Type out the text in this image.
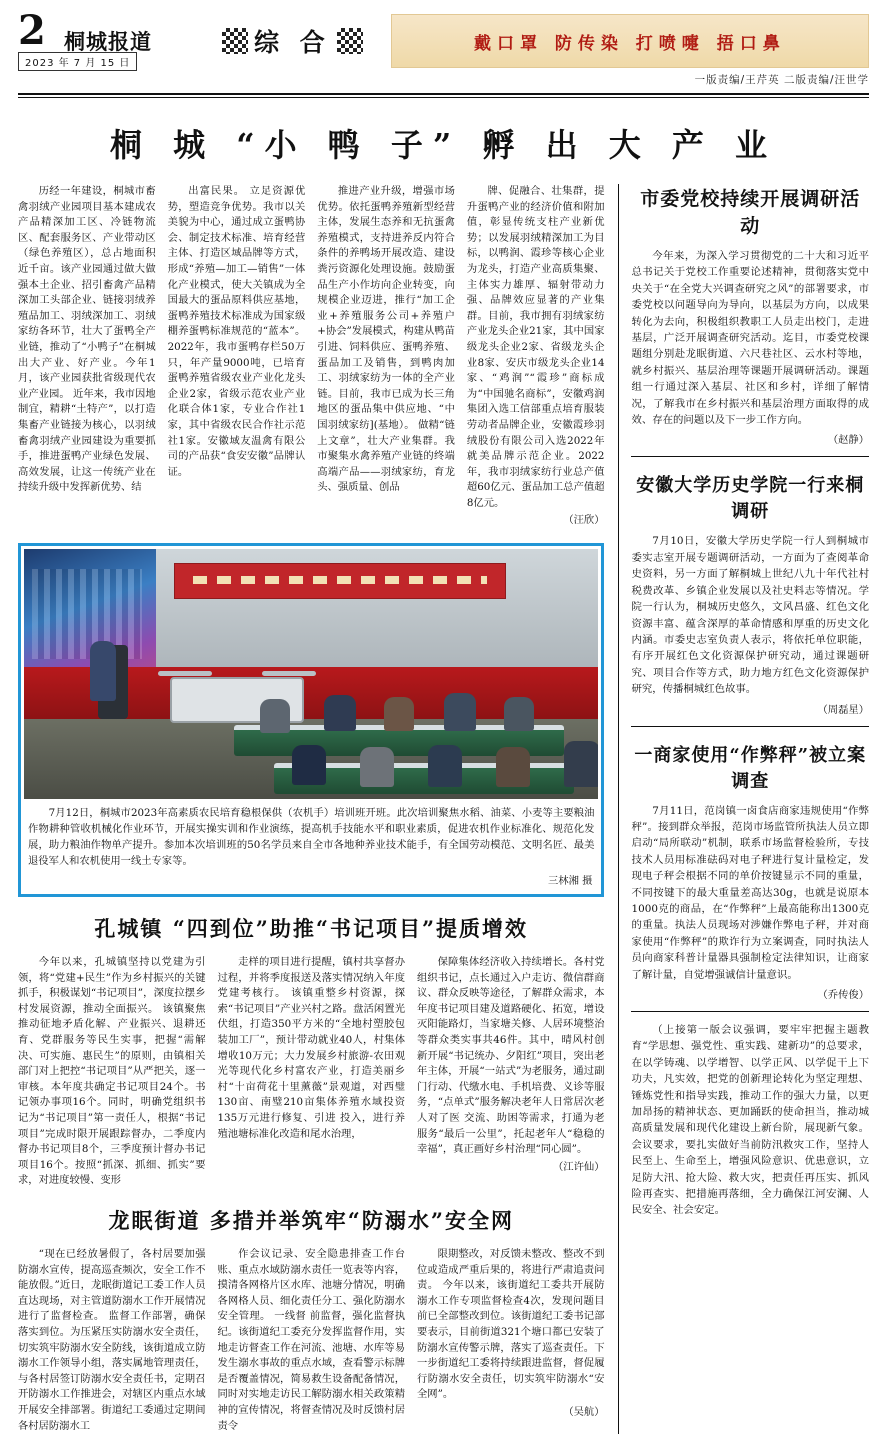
2
2023 年 7 月 15 日
桐城报道	综 合	戴口罩 防传染 打喷嚏 捂口鼻
一版责编/王芹英 二版责编/汪世学
桐 城 “小 鸭 子” 孵 出 大 产 业

历经一年建设，桐城市畜禽羽绒产业园项目基本建成农产品精深加工区、冷链物流区、配套服务区、产业带动区（绿色养殖区），总占地面积近千亩。该产业园通过做大做强本土企业、招引畜禽产品精深加工头部企业、链接羽绒养殖品加工、羽绒深加工、羽绒家纺各环节，壮大了蛋鸭全产业链，推动了“小鸭子”在桐城出大产业、好产业。今年1月，该产业园获批省级现代农业产业园。 近年来，我市因地制宜，精耕“土特产”，以打造集畜产业链接为核心，以羽绒畜禽羽绒产业园建设为重要抓手，推进蛋鸭产业绿色发展、高效发展，让这一传统产业在持续升级中发挥新优势、结

出富民果。 立足资源优势，塑造竞争优势。我市以关美貌为中心，通过成立蛋鸭协会、制定技术标准、培育经营主体、打造区域品牌等方式，形成“养殖—加工—销售”一体化产业模式，使大关镇成为全国最大的蛋品原料供应基地，蛋鸭养殖技术标准成为国家级棚养蛋鸭标准规范的“蓝本”。2022年，我市蛋鸭存栏50万只，年产量9000吨，已培育蛋鸭养殖省级农业产业化龙头企业2家，省级示范农业产业化联合体1家，专业合作社1家，其中省级农民合作社示范社1家。安徽域友温禽有限公司的产品获“食安安徽”品牌认证。

推进产业升级，增强市场优势。依托蛋鸭养殖新型经营主体，发展生态养和无抗蛋禽养殖模式，支持进养反内符合条件的养鸭场开展改造、建设粪污资源化处理设施。鼓励蛋品生产小作坊向企业转变，向规模企业迈进，推行“加工企业+养殖服务公司+养殖户+协会”发展模式，构建从鸭苗引进、饲料供应、蛋鸭养殖、蛋品加工及销售，到鸭肉加工、羽绒家纺为一体的全产业链。目前，我市已成为长三角地区的蛋品集中供应地、“中国羽绒家纺](基地）。 做精“链上文章”，壮大产业集群。我市聚集水禽养殖产业链的终端高端产品——羽绒家纺，育龙头、强质量、创品

牌、促融合、壮集群，提升蛋鸭产业的经济价值和附加值，彰显传统支柱产业新优势；以发展羽绒精深加工为目标，以鸭润、霞珍等核心企业为龙头，打造产业高质集聚、主体实力雄厚、辐射带动力强、品牌效应显著的产业集群。目前，我市拥有羽绒家纺产业龙头企业21家，其中国家级龙头企业2家、省级龙头企业8家、安庆市级龙头企业14家、“鸡润”“霞珍”商标成为“中国驰名商标”，安徽鸡润集团入选工信部重点培育服装劳动者品牌企业，安徽霞珍羽绒股份有限公司入选2022年就美品牌示范企业。2022年，我市羽绒家纺行业总产值超60亿元、蛋品加工总产值超8亿元。

（汪欣）
7月12日，桐城市2023年高素质农民培育稳根保供（农机手）培训班开班。此次培训聚焦水稻、油菜、小麦等主要粮油作物耕种管收机械化作业环节，开展实操实训和作业演练，提高机手技能水平和职业素质，促进农机作业标准化、规范化发展，助力粮油作物单产提升。参加本次培训班的50名学员来自全市各地种养业技术能手，有全国劳动模范、文明名匠、最美退役军人和农机使用一线土专家等。
三林湘 摄
孔城镇 “四到位”助推“书记项目”提质增效

今年以来，孔城镇坚持以党建为引领，将“党建+民生”作为乡村振兴的关键抓手，积极谋划“书记项目”，深度拉摆乡村发展资源，推动全面振兴。 该镇聚焦推动征地矛盾化解、产业振兴、退耕还育、党群服务等民生实事，把握“需解决、可实施、惠民生”的原则，由镇相关部门对上把控“书记项目”从严把关，逐一审核。本年度共确定书记项目24个。书记领办事项16个。同时，明确党组织书记为“书记项目”第一责任人，根据“书记项目”完成时限开展跟踪督办，二季度内督办书记项目8个，三季度预计督办书记项目16个。按照“抓深、抓细、抓实”要求，对进度较慢、变形

走样的项目进行提醒，镇村共享督办过程，并将季度报送及落实情况纳入年度党建考核行。 该镇重整乡村资源，探索“书记项目”产业兴村之路。盘活闲置光伏组，打造350平方米的“全地村塑胶包装加工厂”，预计带动就业40人，村集体增收10万元；大力发展乡村旅游-农田观光等现代化乡村富农产业，打造美丽乡村“十亩荷花十里薰薇”景观道，对西璧130亩、南璧210亩集体养殖水域投资135万元进行修复、引进 投入，进行养殖池塘标准化改造和尾水治理，

保障集体经济收入持续增长。各村党组织书记，点长通过入户走访、微信群商议、群众反映等途径，了解群众需求，本年度书记项目建及道路硬化、拓宽，增设灭阳能路灯，当家塘关修、人居环境整治等群众类实事共46件。其中，晴风村创新开展“书记统办、夕阳红”项目，突出老年主体，开展“一站式”为老服务，通过副门行动、代缴水电、手机培费、义诊等服务，“点单式”服务解决老年人日常居次老人对了医 交流、助困等需求，打通为老服务“最后一公里”，托起老年人“稳稳的幸福”，真正画好乡村治理“同心圆”。

（江许仙）
龙眠街道 多措并举筑牢“防溺水”安全网

“现在已经放暑假了，各村居要加强防溺水宣传，提高巡查频次，安全工作不能放假。”近日，龙眠街道记工委工作人员直达现场，对主管道防溺水工作开展情况进行了监督检查。 监督工作部署，确保落实到位。为压紧压实防溺水安全责任，切实筑牢防溺水安全防线，该街道成立防溺水工作领导小组，落实属地管理责任，与各村居签订防溺水安全责任书，定期召开防溺水工作推进会，对辖区内重点水域开展安全排部署。街道纪工委通过定期间各村居防溺水工

作会议记录、安全隐患排查工作台账、重点水域防溺水责任一览表等内容，摸清各网格片区水库、池塘分情况，明确各网格人员、细化责任分工、强化防溺水安全管理。 一线督 前监督，强化监督执纪。该街道纪工委充分发挥监督作用，实地走访督查工作在河流、池塘、水库等易发生溺水事故的重点水域，查看警示标牌是否覆盖情况，简易救生设备配备情况，同时对实地走访民工解防溺水相关政策精神的宣传情况，将督查情况及时反馈村居责令

限期整改，对反馈未整改、整改不到位或造成严重后果的，将进行严肃追责问责。 今年以来，该街道纪工委共开展防溺水工作专项监督检查4次，发现问题目前已全部整改到位。该街道纪工委书记部要表示，目前街道321个塘口都已安装了防溺水宣传警示牌，落实了巡查责任。下一步街道纪工委将持续跟进监督，督促履行防溺水安全责任，切实筑牢防溺水“安全网”。

（吴航）
市委党校持续开展调研活动
今年来，为深入学习贯彻党的二十大和习近平总书记关于党校工作重要论述精神，贯彻落实党中央关于“在全党大兴调查研究之风”的部署要求，市委党校以问题导向为导向，以基层为方向，以成果转化为去向，积极组织教职工人员走出校门，走进基层，广泛开展调查研究活动。迄目，市委党校课题组分别赴龙眠街道、六尺巷社区、云水村等地，就乡村振兴、基层治理等课题开展调研活动。课题组一行通过深入基层、社区和乡村，详细了解情况，了解我市在乡村振兴和基层治理方面取得的成效、存在的问题以及下一步工作方向。
（赵静）
安徽大学历史学院一行来桐调研
7月10日，安徽大学历史学院一行人到桐城市委实志室开展专题调研活动，一方面为了查阅革命史资料，另一方面了解桐城上世纪八九十年代社村税费改革、乡镇企业发展以及社史料志等情况。学院一行认为，桐城历史悠久，文风昌盛、红色文化资源丰富、蕴含深厚的革命情感和厚重的历史文化内涵。市委史志室负责人表示，将依托单位职能，有序开展红色文化资源保护研究动，通过课题研究、项目合作等方式，助力地方红色文化资源保护研究，传播桐城红色故事。
（周磊星）
一商家使用“作弊秤”被立案调查
7月11日，范岗镇一卤食店商家违规使用“作弊秤”。接到群众举报，范岗市场监管所执法人员立即启动“局所联动”机制，联系市场监督检验所，专技技术人员用标准砝码对电子秤进行复计量检定，发现电子秤会根据不同的单价按键显示不同的重量，不同按键下的最大重量差高达30g，也就是说原本1000克的商品，在“作弊秤”上最高能称出1300克的重量。执法人员现场对涉嫌作弊电子秤，并对商家使用“作弊秤”的欺诈行为立案调查，同时执法人员向商家科普计量器具强制检定法律知识，让商家了解计量，自觉增强诚信计量意识。
（乔传俊）
（上接第一版会议强调，要牢牢把握主题教育“学思想、强党性、重实践、建新功”的总要求，在以学铸魂、以学增智、以学正风、以学促干上下功夫，凡实效，把党的创新理论转化为坚定理想、锤炼党性和指导实践，推动工作的强大力量，以更加昂扬的精神状态、更加踊跃的使命担当，推动城高质量发展和现代化建设上新台阶，展现新气象。 会议要求，要扎实做好当前防汛救灾工作，坚持人民至上、生命至上，增强风险意识、优患意识，立足防大汛、抢大险、救大灾，把责任再压实、抓风险再查实、把措施再落细，全力确保江河安澜、人民安全、社会安定。
